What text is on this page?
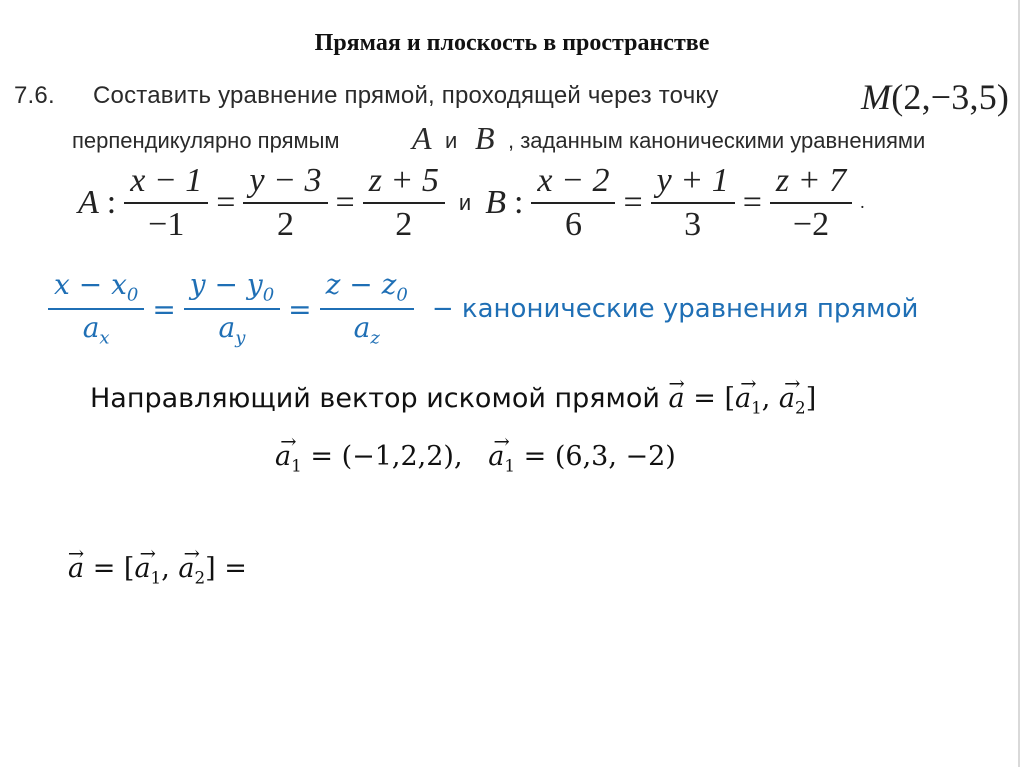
Прямая и плоскость в пространстве
7.6. Составить уравнение прямой, проходящей через точку	M(2,−3,5)
перпендикулярно прямым A и B , заданным каноническими уравнениями
A : $\frac{x - 1}{-1} = \frac{y - 3}{2} = \frac{z + 5}{2}$ и B : $\frac{x - 2}{6} = \frac{y + 1}{3} = \frac{z + 7}{-2}$ .
$\frac{x - x_0}{a_x} = \frac{y - y_0}{a_y} = \frac{z - z_0}{a_z}$ − канонические уравнения прямой
Направляющий вектор искомой прямой → a = [→ $a_1$, → $a_2$]
→ $a_1 = (-1,2,2)$, → $a_1 = (6,3$, −2)
→ a = [→ $a_1$, → $a_2$] =
